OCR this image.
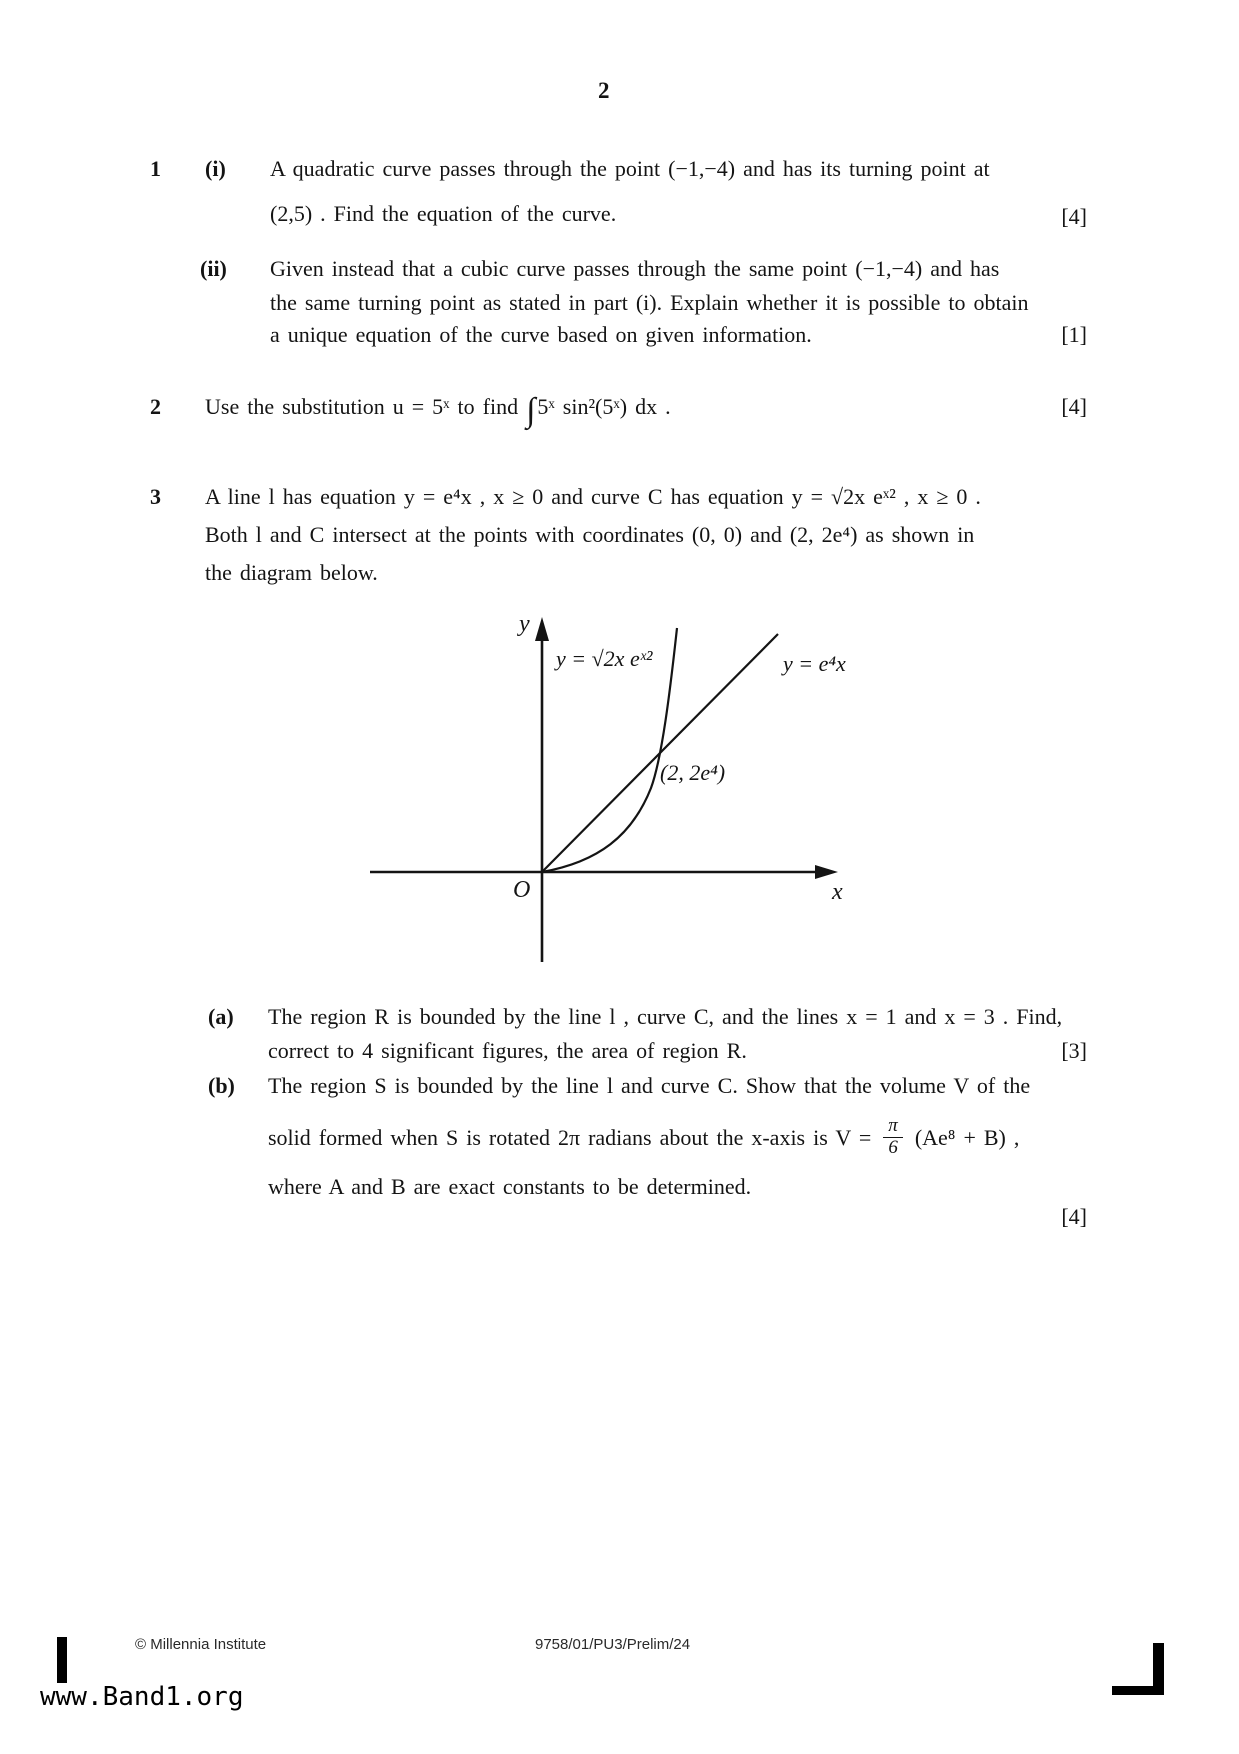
2
1 (i) A quadratic curve passes through the point (−1,−4) and has its turning point at
(2,5) . Find the equation of the curve.	[4]
(ii) Given instead that a cubic curve passes through the same point (−1,−4) and has
the same turning point as stated in part (i). Explain whether it is possible to obtain
a unique equation of the curve based on given information.	[1]
2 Use the substitution u = 5ˣ to find ∫5ˣ sin²(5ˣ) dx .	[4]
3 A line l has equation y = e⁴x , x ≥ 0 and curve C has equation y = √2x eˣ² , x ≥ 0 .
Both l and C intersect at the points with coordinates (0, 0) and (2, 2e⁴) as shown in
the diagram below.
y
x
O
y = √2x eˣ²	y = e⁴x
(2, 2e⁴)
(a) The region R is bounded by the line l , curve C, and the lines x = 1 and x = 3 . Find,
correct to 4 significant figures, the area of region R.	[3]
(b) The region S is bounded by the line l and curve C. Show that the volume V of the
solid formed when S is rotated 2π radians about the x-axis is $V = \frac{\pi}{6} (Ae^8 + B)$ ,
where A and B are exact constants to be determined.
[4]
© Millennia Institute	9758/01/PU3/Prelim/24
www.Band1.org
